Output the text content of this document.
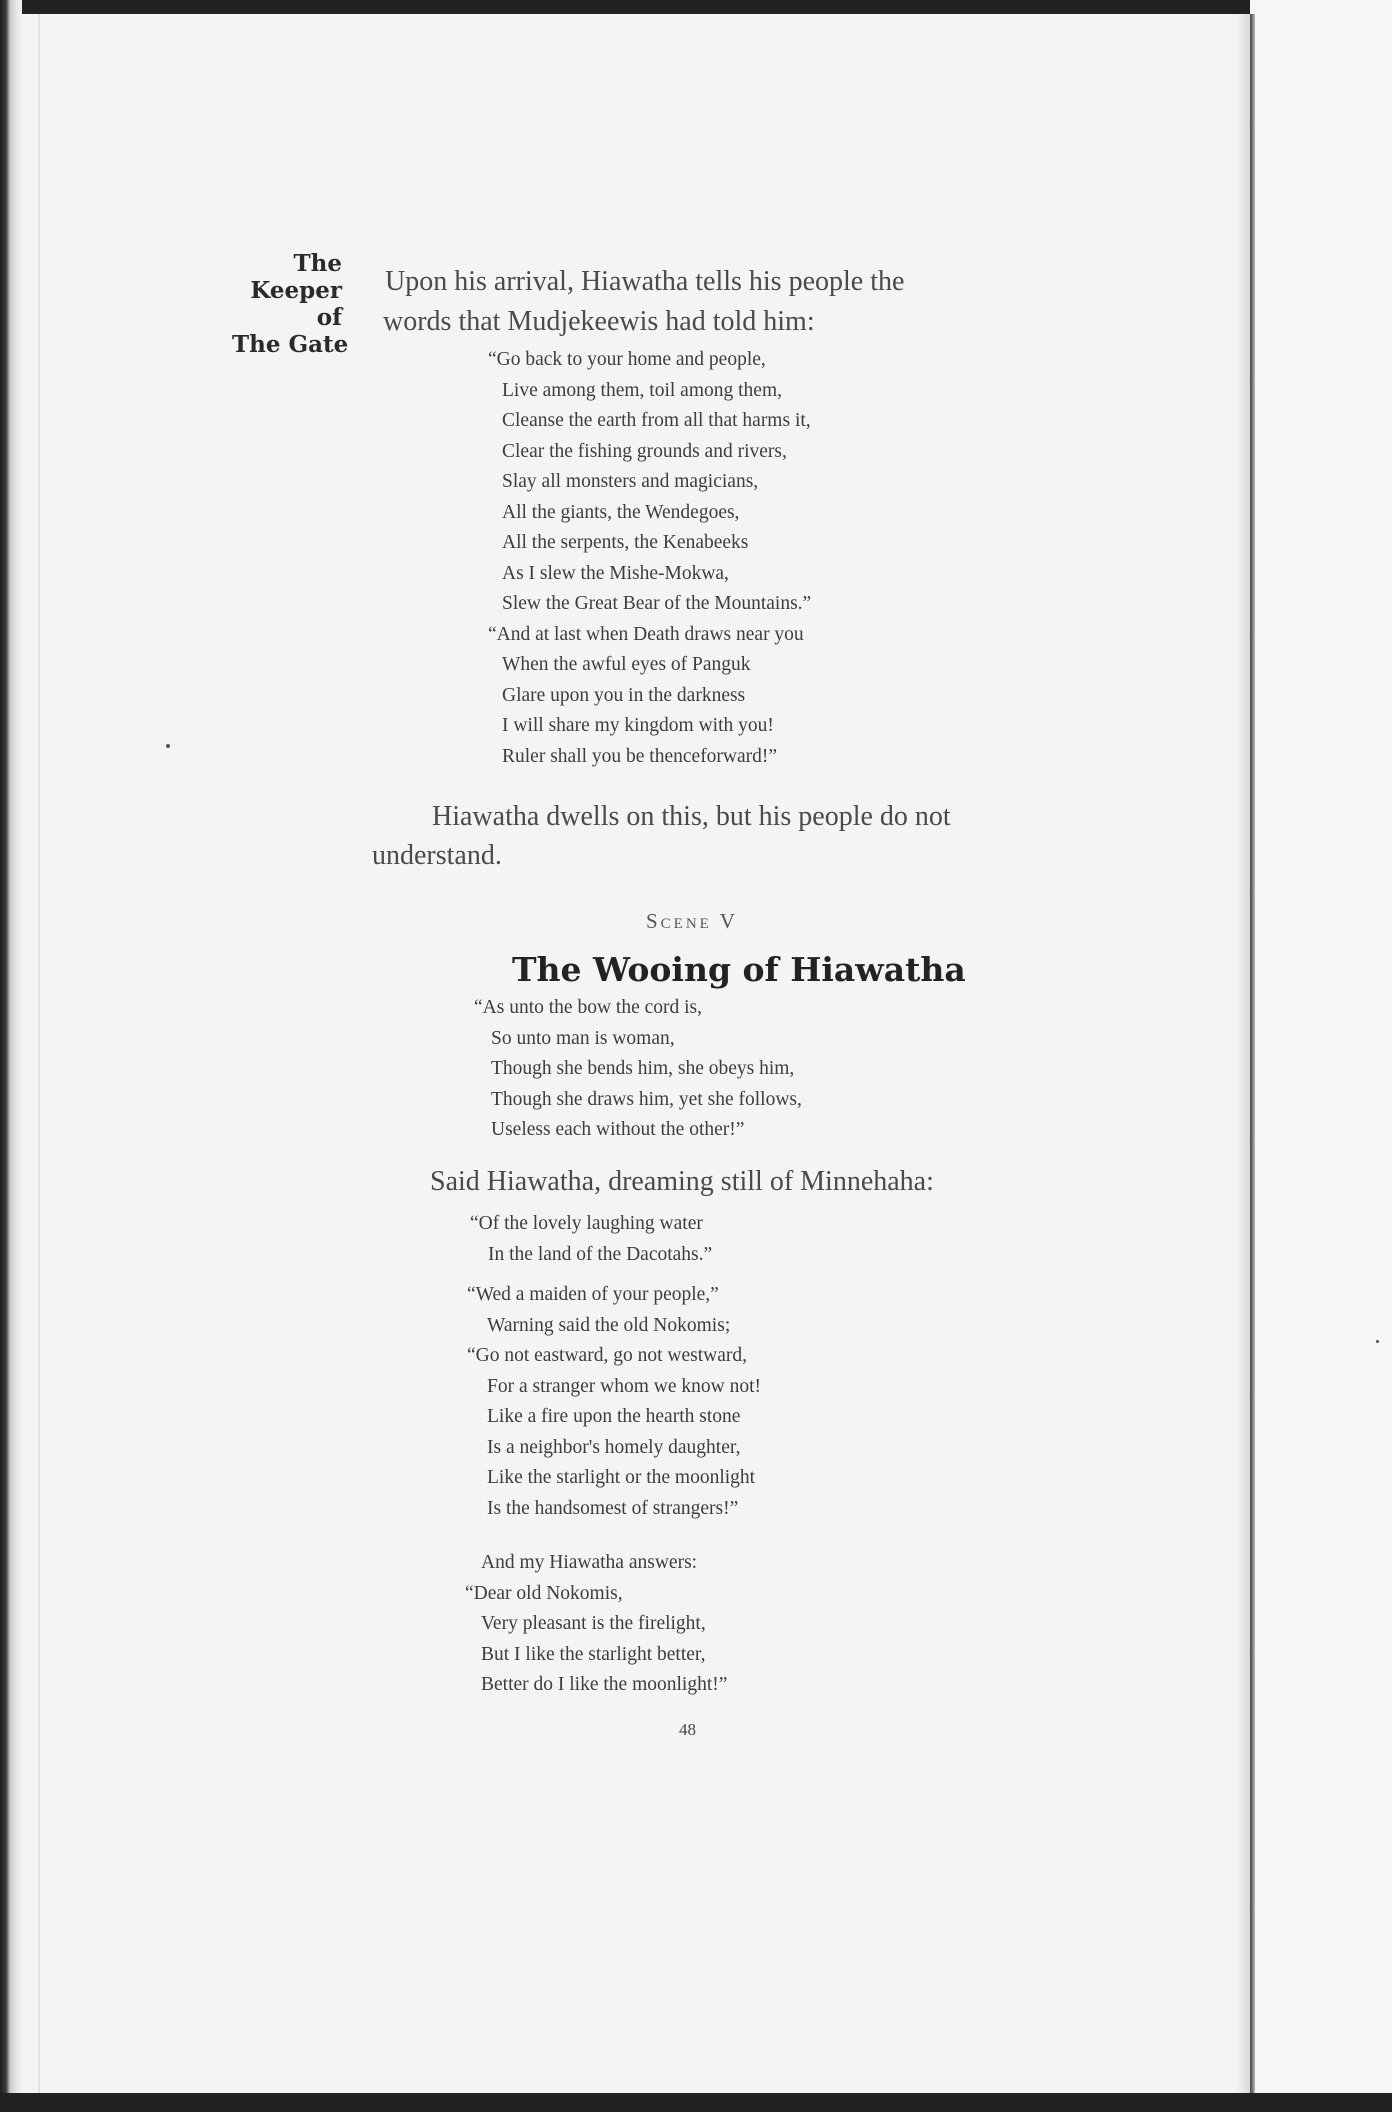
The
Keeper
of
The Gate
Upon his arrival, Hiawatha tells his people the
words that Mudjekeewis had told him:
“Go back to your home and people,
Live among them, toil among them,
Cleanse the earth from all that harms it,
Clear the fishing grounds and rivers,
Slay all monsters and magicians,
All the giants, the Wendegoes,
All the serpents, the Kenabeeks
As I slew the Mishe-Mokwa,
Slew the Great Bear of the Mountains.”
“And at last when Death draws near you
When the awful eyes of Panguk
Glare upon you in the darkness
I will share my kingdom with you!
Ruler shall you be thenceforward!”
Hiawatha dwells on this, but his people do not
understand.
Scene V
The Wooing of Hiawatha
“As unto the bow the cord is,
So unto man is woman,
Though she bends him, she obeys him,
Though she draws him, yet she follows,
Useless each without the other!”
Said Hiawatha, dreaming still of Minnehaha:
“Of the lovely laughing water
In the land of the Dacotahs.”
“Wed a maiden of your people,”
Warning said the old Nokomis;
“Go not eastward, go not westward,
For a stranger whom we know not!
Like a fire upon the hearth stone
Is a neighbor's homely daughter,
Like the starlight or the moonlight
Is the handsomest of strangers!”
And my Hiawatha answers:
“Dear old Nokomis,
Very pleasant is the firelight,
But I like the starlight better,
Better do I like the moonlight!”
48
